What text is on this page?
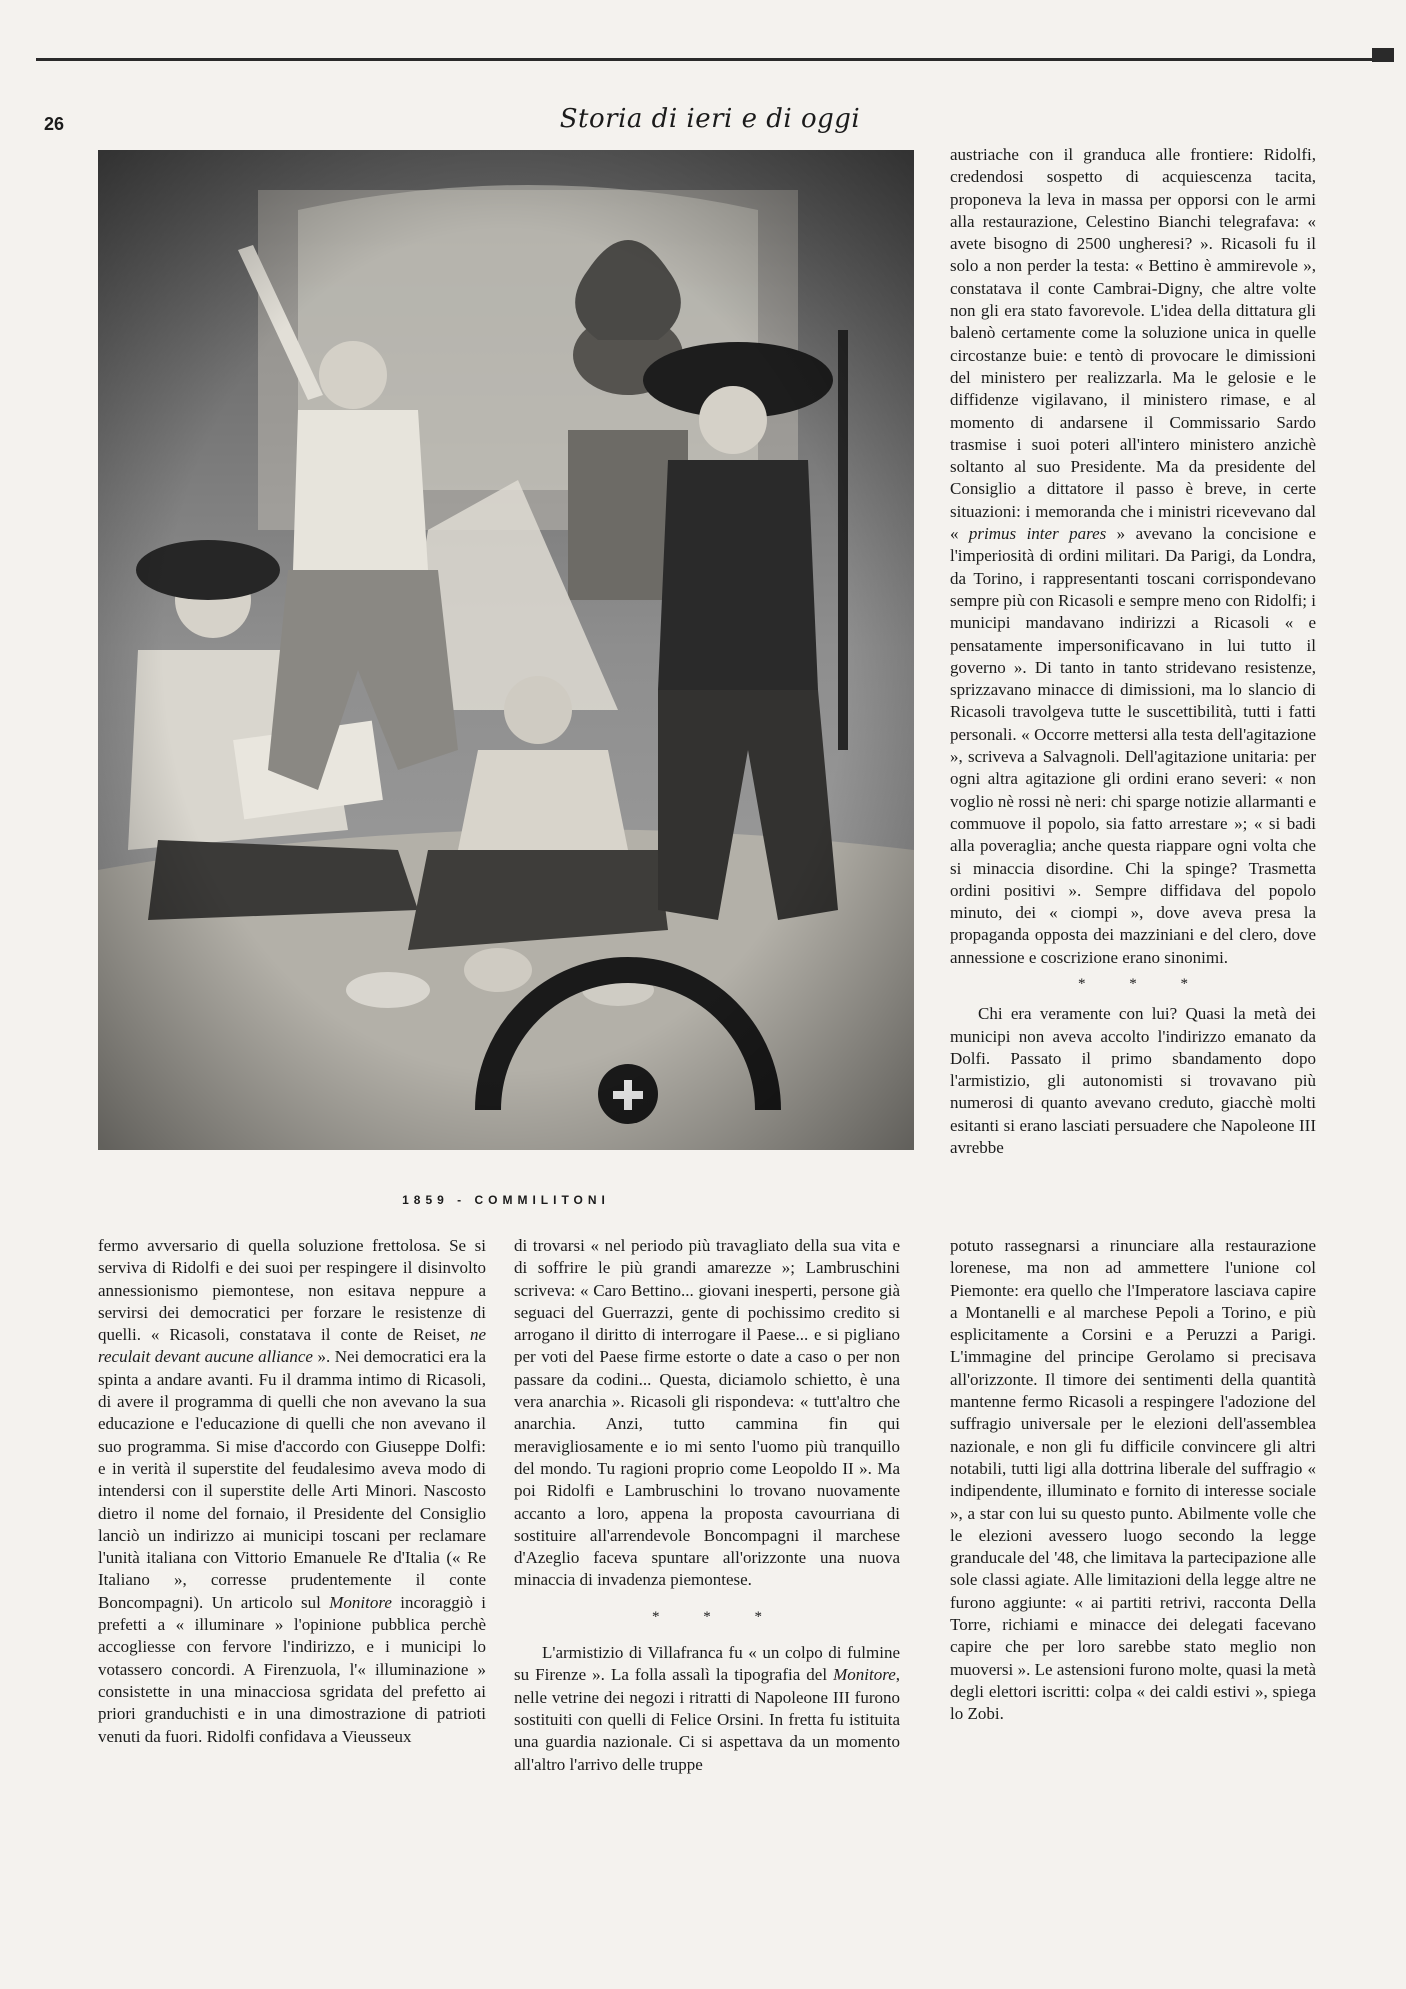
26	Storia di ieri e di oggi
1859 - COMMILITONI

austriache con il granduca alle frontiere: Ridolfi, credendosi sospetto di acquiescenza tacita, proponeva la leva in massa per opporsi con le armi alla restaurazione, Celestino Bianchi telegrafava: « avete bisogno di 2500 ungheresi? ». Ricasoli fu il solo a non perder la testa: « Bettino è ammirevole », constatava il conte Cambrai-Digny, che altre volte non gli era stato favorevole. L'idea della dittatura gli balenò certamente come la soluzione unica in quelle circostanze buie: e tentò di provocare le dimissioni del ministero per realizzarla. Ma le gelosie e le diffidenze vigilavano, il ministero rimase, e al momento di andarsene il Commissario Sardo trasmise i suoi poteri all'intero ministero anzichè soltanto al suo Presidente. Ma da presidente del Consiglio a dittatore il passo è breve, in certe situazioni: i memoranda che i ministri ricevevano dal « primus inter pares » avevano la concisione e l'imperiosità di ordini militari. Da Parigi, da Londra, da Torino, i rappresentanti toscani corrispondevano sempre più con Ricasoli e sempre meno con Ridolfi; i municipi mandavano indirizzi a Ricasoli « e pensatamente impersonificavano in lui tutto il governo ». Di tanto in tanto stridevano resistenze, sprizzavano minacce di dimissioni, ma lo slancio di Ricasoli travolgeva tutte le suscettibilità, tutti i fatti personali. « Occorre mettersi alla testa dell'agitazione », scriveva a Salvagnoli. Dell'agitazione unitaria: per ogni altra agitazione gli ordini erano severi: « non voglio nè rossi nè neri: chi sparge notizie allarmanti e commuove il popolo, sia fatto arrestare »; « si badi alla poveraglia; anche questa riappare ogni volta che si minaccia disordine. Chi la spinge? Trasmetta ordini positivi ». Sempre diffidava del popolo minuto, dei « ciompi », dove aveva presa la propaganda opposta dei mazziniani e del clero, dove annessione e coscrizione erano sinonimi.

* * *

Chi era veramente con lui? Quasi la metà dei municipi non aveva accolto l'indirizzo emanato da Dolfi. Passato il primo sbandamento dopo l'armistizio, gli autonomisti si trovavano più numerosi di quanto avevano creduto, giacchè molti esitanti si erano lasciati persuadere che Napoleone III avrebbe

fermo avversario di quella soluzione frettolosa. Se si serviva di Ridolfi e dei suoi per respingere il disinvolto annessionismo piemontese, non esitava neppure a servirsi dei democratici per forzare le resistenze di quelli. « Ricasoli, constatava il conte de Reiset, ne reculait devant aucune alliance ». Nei democratici era la spinta a andare avanti. Fu il dramma intimo di Ricasoli, di avere il programma di quelli che non avevano la sua educazione e l'educazione di quelli che non avevano il suo programma. Si mise d'accordo con Giuseppe Dolfi: e in verità il superstite del feudalesimo aveva modo di intendersi con il superstite delle Arti Minori. Nascosto dietro il nome del fornaio, il Presidente del Consiglio lanciò un indirizzo ai municipi toscani per reclamare l'unità italiana con Vittorio Emanuele Re d'Italia (« Re Italiano », corresse prudentemente il conte Boncompagni). Un articolo sul Monitore incoraggiò i prefetti a « illuminare » l'opinione pubblica perchè accogliesse con fervore l'indirizzo, e i municipi lo votassero concordi. A Firenzuola, l'« illuminazione » consistette in una minacciosa sgridata del prefetto ai priori granduchisti e in una dimostrazione di patrioti venuti da fuori. Ridolfi confidava a Vieusseux

di trovarsi « nel periodo più travagliato della sua vita e di soffrire le più grandi amarezze »; Lambruschini scriveva: « Caro Bettino... giovani inesperti, persone già seguaci del Guerrazzi, gente di pochissimo credito si arrogano il diritto di interrogare il Paese... e si pigliano per voti del Paese firme estorte o date a caso o per non passare da codini... Questa, diciamolo schietto, è una vera anarchia ». Ricasoli gli rispondeva: « tutt'altro che anarchia. Anzi, tutto cammina fin qui meravigliosamente e io mi sento l'uomo più tranquillo del mondo. Tu ragioni proprio come Leopoldo II ». Ma poi Ridolfi e Lambruschini lo trovano nuovamente accanto a loro, appena la proposta cavourriana di sostituire all'arrendevole Boncompagni il marchese d'Azeglio faceva spuntare all'orizzonte una nuova minaccia di invadenza piemontese.

* * *

L'armistizio di Villafranca fu « un colpo di fulmine su Firenze ». La folla assalì la tipografia del Monitore, nelle vetrine dei negozi i ritratti di Napoleone III furono sostituiti con quelli di Felice Orsini. In fretta fu istituita una guardia nazionale. Ci si aspettava da un momento all'altro l'arrivo delle truppe

potuto rassegnarsi a rinunciare alla restaurazione lorenese, ma non ad ammettere l'unione col Piemonte: era quello che l'Imperatore lasciava capire a Montanelli e al marchese Pepoli a Torino, e più esplicitamente a Corsini e a Peruzzi a Parigi. L'immagine del principe Gerolamo si precisava all'orizzonte. Il timore dei sentimenti della quantità mantenne fermo Ricasoli a respingere l'adozione del suffragio universale per le elezioni dell'assemblea nazionale, e non gli fu difficile convincere gli altri notabili, tutti ligi alla dottrina liberale del suffragio « indipendente, illuminato e fornito di interesse sociale », a star con lui su questo punto. Abilmente volle che le elezioni avessero luogo secondo la legge granducale del '48, che limitava la partecipazione alle sole classi agiate. Alle limitazioni della legge altre ne furono aggiunte: « ai partiti retrivi, racconta Della Torre, richiami e minacce dei delegati facevano capire che per loro sarebbe stato meglio non muoversi ». Le astensioni furono molte, quasi la metà degli elettori iscritti: colpa « dei caldi estivi », spiega lo Zobi.
